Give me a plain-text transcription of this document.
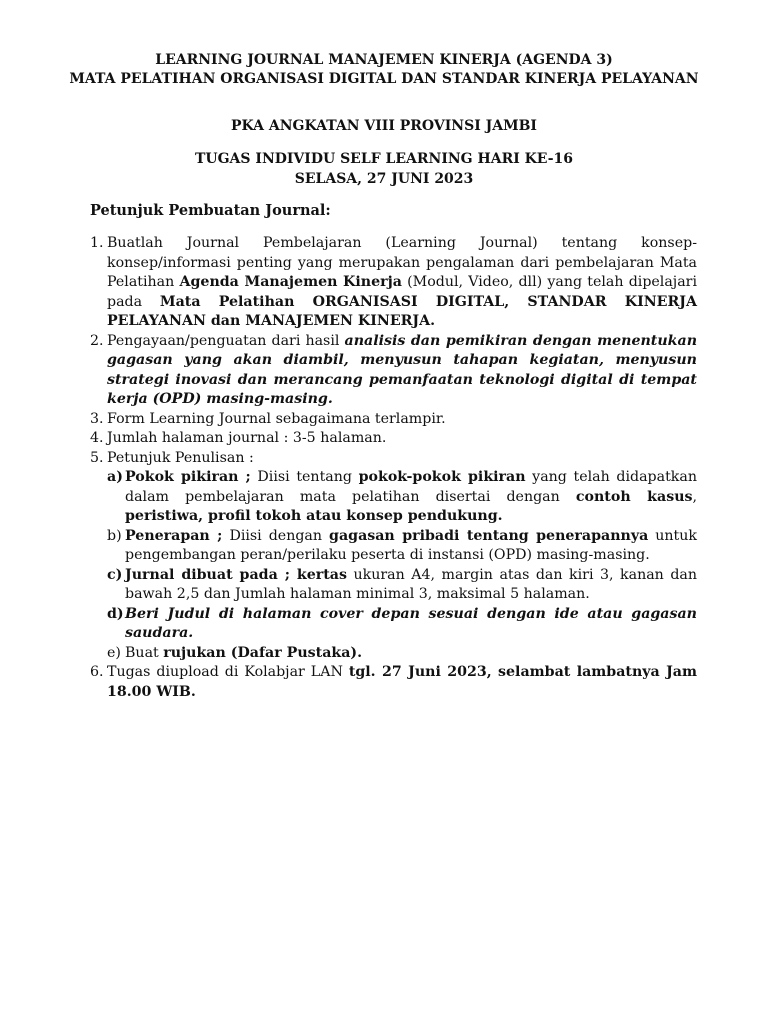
LEARNING JOURNAL MANAJEMEN KINERJA (AGENDA 3)
MATA PELATIHAN ORGANISASI DIGITAL DAN STANDAR KINERJA PELAYANAN
PKA ANGKATAN VIII PROVINSI JAMBI
TUGAS INDIVIDU SELF LEARNING HARI KE-16
SELASA, 27 JUNI 2023
Petunjuk Pembuatan Journal:
1. Buatlah Journal Pembelajaran (Learning Journal) tentang konsep-konsep/informasi penting yang merupakan pengalaman dari pembelajaran Mata Pelatihan Agenda Manajemen Kinerja (Modul, Video, dll) yang telah dipelajari pada Mata Pelatihan ORGANISASI DIGITAL, STANDAR KINERJA PELAYANAN dan MANAJEMEN KINERJA.
2. Pengayaan/penguatan dari hasil analisis dan pemikiran dengan menentukan gagasan yang akan diambil, menyusun tahapan kegiatan, menyusun strategi inovasi dan merancang pemanfaatan teknologi digital di tempat kerja (OPD) masing-masing.
3. Form Learning Journal sebagaimana terlampir.
4. Jumlah halaman journal : 3-5 halaman.
5. Petunjuk Penulisan :
a) Pokok pikiran ; Diisi tentang pokok-pokok pikiran yang telah didapatkan dalam pembelajaran mata pelatihan disertai dengan contoh kasus, peristiwa, profil tokoh atau konsep pendukung.
b) Penerapan ; Diisi dengan gagasan pribadi tentang penerapannya untuk pengembangan peran/perilaku peserta di instansi (OPD) masing-masing.
c) Jurnal dibuat pada ; kertas ukuran A4, margin atas dan kiri 3, kanan dan bawah 2,5 dan Jumlah halaman minimal 3, maksimal 5 halaman.
d) Beri Judul di halaman cover depan sesuai dengan ide atau gagasan saudara.
e) Buat rujukan (Dafar Pustaka).
6. Tugas diupload di Kolabjar LAN tgl. 27 Juni 2023, selambat lambatnya Jam 18.00 WIB.
